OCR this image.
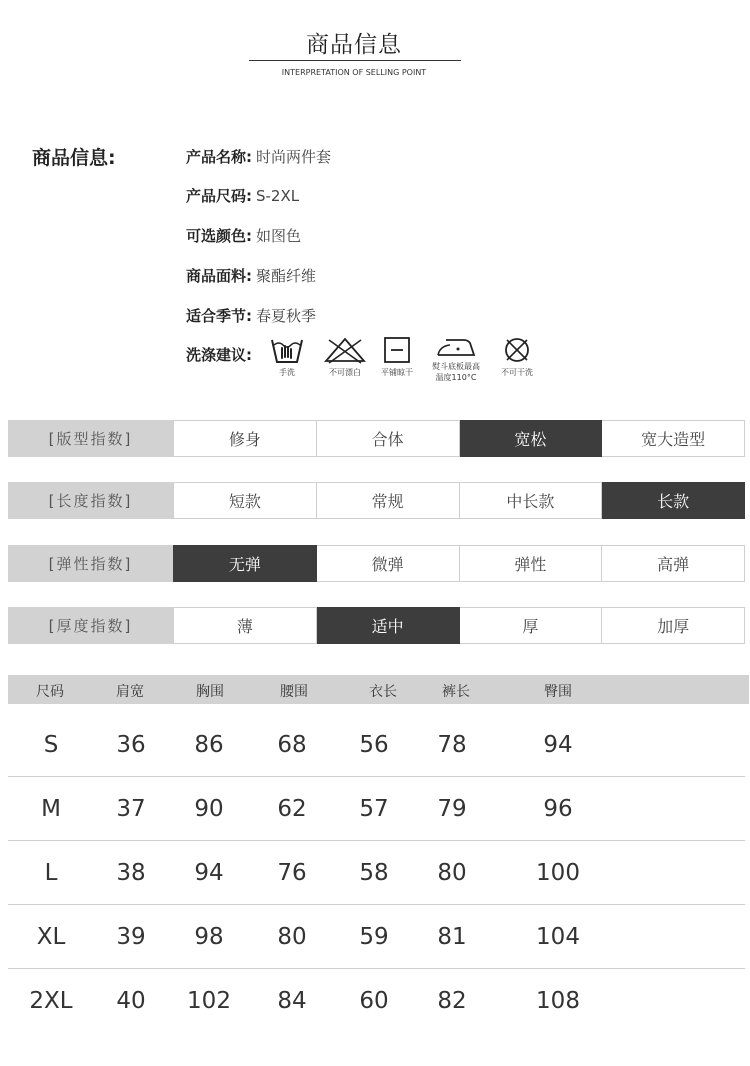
商品信息
INTERPRETATION OF SELLING POINT
商品信息:	产品名称: 时尚两件套
产品尺码: S-2XL
可选颜色: 如图色
商品面料: 聚酯纤维
适合季节: 春夏秋季
洗涤建议:
手洗	不可漂白	平铺晾干
熨斗底板最高
温度110°C
不可干洗
[版型指数]	修身	合体	宽松	宽大造型
[长度指数]	短款	常规	中长款	长款
[弹性指数]	无弹	微弹	弹性	高弹
[厚度指数]	薄	适中	厚	加厚
尺码	肩宽	胸围	腰围	衣长	裤长	臀围
S	36 86 68 56 78	94
M 37 90 62 57 79	96
L	38 94 76 58 80	100
XL 39 98 80 59 81	104
2XL 40 102 84 60 82	108
